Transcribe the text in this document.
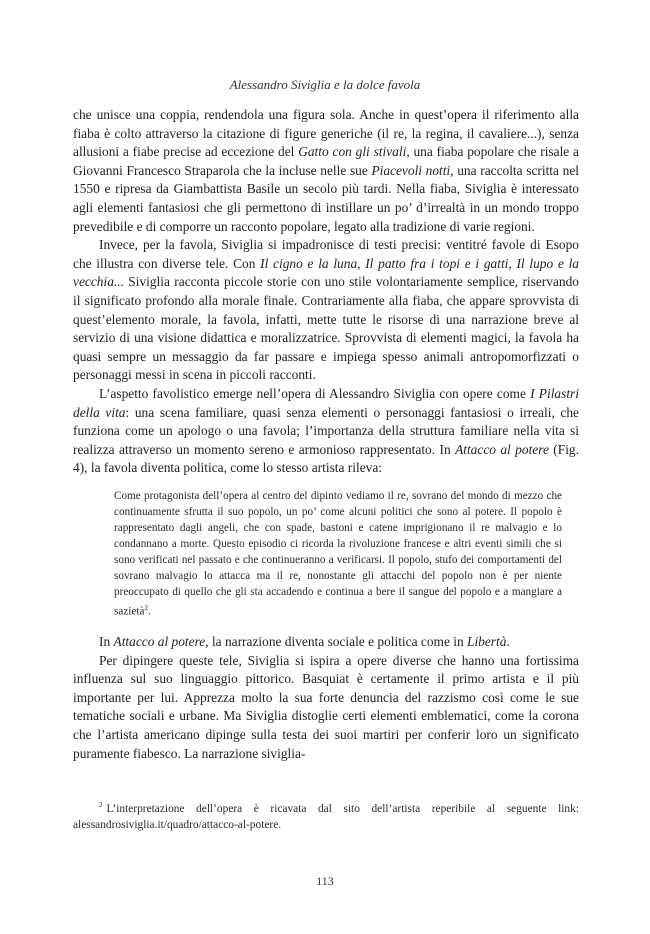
Alessandro Siviglia e la dolce favola

che unisce una coppia, rendendola una figura sola. Anche in quest’opera il riferimento alla fiaba è colto attraverso la citazione di figure generiche (il re, la regina, il cavaliere...), senza allusioni a fiabe precise ad eccezione del Gatto con gli stivali, una fiaba popolare che risale a Giovanni Francesco Straparola che la incluse nelle sue Piacevoli notti, una raccolta scritta nel 1550 e ripresa da Giambattista Basile un secolo più tardi. Nella fiaba, Siviglia è interessato agli elementi fantasiosi che gli permettono di instillare un po’ d’irrealtà in un mondo troppo prevedibile e di comporre un racconto popolare, legato alla tradizione di varie regioni.

Invece, per la favola, Siviglia si impadronisce di testi precisi: ventitré favole di Esopo che illustra con diverse tele. Con Il cigno e la luna, Il patto fra i topi e i gatti, Il lupo e la vecchia... Siviglia racconta piccole storie con uno stile volontariamente semplice, riservando il significato profondo alla morale finale. Contrariamente alla fiaba, che appare sprovvista di quest’elemento morale, la favola, infatti, mette tutte le risorse di una narrazione breve al servizio di una visione didattica e moralizzatrice. Sprovvista di elementi magici, la favola ha quasi sempre un messaggio da far passare e impiega spesso animali antropomorfizzati o personaggi messi in scena in piccoli racconti.

L’aspetto favolistico emerge nell’opera di Alessandro Siviglia con opere come I Pilastri della vita: una scena familiare, quasi senza elementi o personaggi fantasiosi o irreali, che funziona come un apologo o una favola; l’importanza della struttura familiare nella vita si realizza attraverso un momento sereno e armonioso rappresentato. In Attacco al potere (Fig. 4), la favola diventa politica, come lo stesso artista rileva:

Come protagonista dell’opera al centro del dipinto vediamo il re, sovrano del mondo di mezzo che continuamente sfrutta il suo popolo, un po’ come alcuni politici che sono al potere. Il popolo è rappresentato dagli angeli, che con spade, bastoni e catene imprigionano il re malvagio e lo condannano a morte. Questo episodio ci ricorda la rivoluzione francese e altri eventi simili che si sono verificati nel passato e che continueranno a verificarsi. Il popolo, stufo dei comportamenti del sovrano malvagio lo attacca ma il re, nonostante gli attacchi del popolo non è per niente preoccupato di quello che gli sta accadendo e continua a bere il sangue del popolo e a mangiare a sazietà$^2$.

In Attacco al potere, la narrazione diventa sociale e politica come in Libertà.

Per dipingere queste tele, Siviglia si ispira a opere diverse che hanno una fortissima influenza sul suo linguaggio pittorico. Basquiat è certamente il primo artista e il più importante per lui. Apprezza molto la sua forte denuncia del razzismo così come le sue tematiche sociali e urbane. Ma Siviglia distoglie certi elementi emblematici, come la corona che l’artista americano dipinge sulla testa dei suoi martiri per conferir loro un significato puramente fiabesco. La narrazione siviglia-

$^2$ L’interpretazione dell’opera è ricavata dal sito dell’artista reperibile al seguente link: alessandrosiviglia.it/quadro/attacco-al-potere.
113
